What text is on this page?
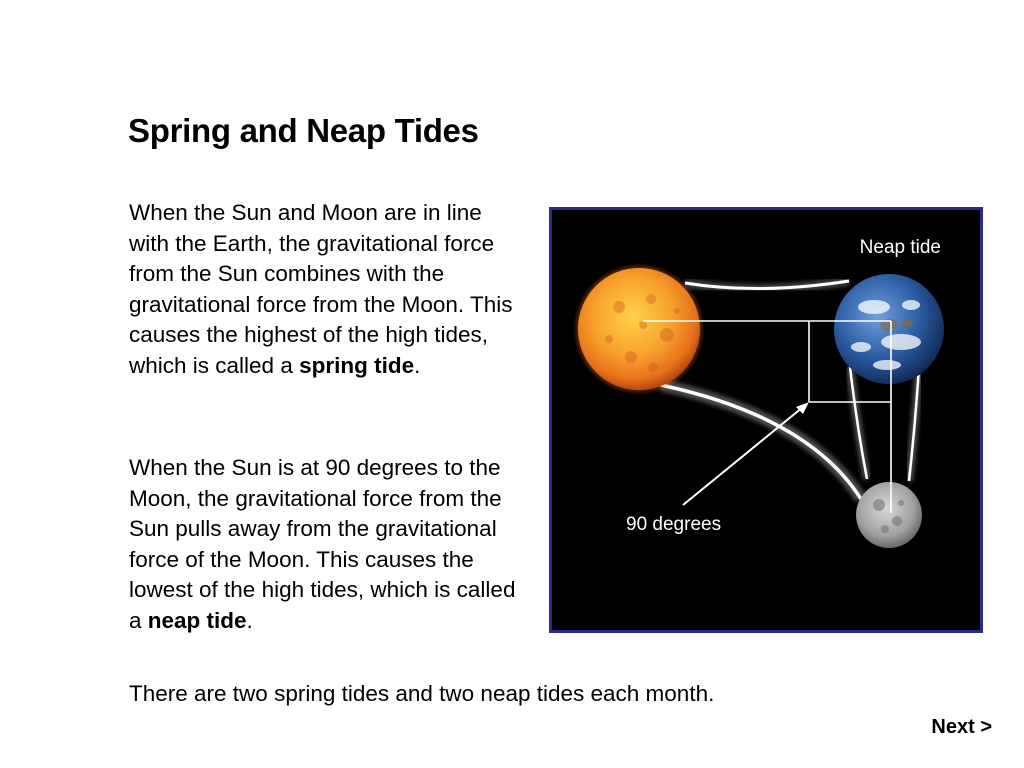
Spring and Neap Tides

When the Sun and Moon are in line with the Earth, the gravitational force from the Sun combines with the gravitational force from the Moon. This causes the highest of the high tides, which is called a spring tide.

When the Sun is at 90 degrees to the Moon, the gravitational force from the Sun pulls away from the gravitational force of the Moon. This causes the lowest of the high tides, which is called a neap tide.

Neap tide
90 degrees

There are two spring tides and two neap tides each month.

Next >
